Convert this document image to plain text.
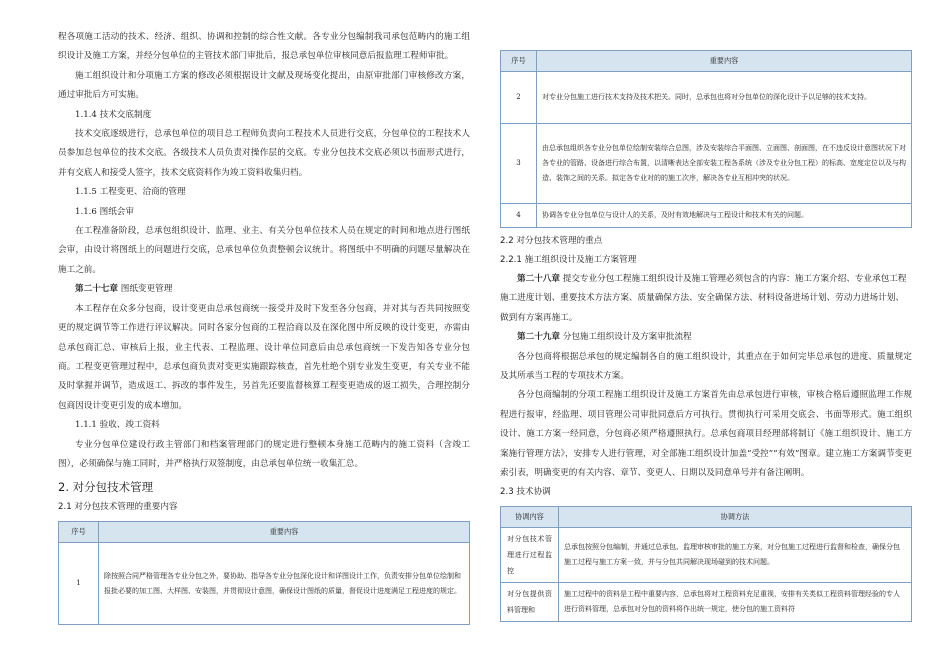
程各项施工活动的技术、经济、组织、协调和控制的综合性文献。各专业分包编制我司承包范畴内的施工组织设计及施工方案，并经分包单位的主管技术部门审批后，报总承包单位审核同意后报监理工程师审批。
施工组织设计和分项施工方案的修改必须根据设计文献及现场变化提出，由原审批部门审核修改方案，通过审批后方可实施。
1.1.4 技术交底制度
技术交底逐级进行，总承包单位的项目总工程师负责向工程技术人员进行交底，分包单位的工程技术人员参加总包单位的技术交底。各级技术人员负责对操作层的交底。专业分包技术交底必须以书面形式进行，并有交底人和接受人签字，技术交底资料作为竣工资料收集归档。
1.1.5 工程变更、洽商的管理
1.1.6 图纸会审
在工程准备阶段，总承包组织设计、监理、业主、有关分包单位技术人员在规定的时间和地点进行图纸会审，由设计将图纸上的问题进行交底，总承包单位负责整顿会议统计。将图纸中不明确的问题尽量解决在施工之前。
第二十七章 图纸变更管理
本工程存在众多分包商，设计变更由总承包商统一接受并及时下发至各分包商，并对其与否共同按照变更的规定调节等工作进行评议解决。同时各家分包商的工程洽商以及在深化图中所反映的设计变更，亦需由总承包商汇总、审核后上报，业主代表、工程监理、设计单位同意后由总承包商统一下发告知各专业分包商。工程变更管理过程中，总承包商负责对变更实施跟踪核查，首先杜绝个别专业发生变更，有关专业不能及时掌握并调节，造成返工、拆改的事件发生，另首先还要监督核算工程变更造成的返工损失，合理控制分包商因设计变更引发的成本增加。
1.1.1 验收、竣工资料
专业分包单位建设行政主管部门和档案管理部门的规定进行整顿本身施工范畴内的施工资料（含竣工图），必须确保与施工同时，并严格执行双签制度，由总承包单位统一收集汇总。
2. 对分包技术管理
2.1 对分包技术管理的重要内容
序号	重要内容
1	除按照合同严格管理各专业分包之外，要协助、指导各专业分包深化设计和详图设计工作，负责安排分包单位绘制和报批必要的加工图、大样图、安装图，并贯彻设计意图，确保设计图纸的质量，督促设计进度满足工程进度的规定。
序号	重要内容
2	对专业分包施工进行技术支持及技术把关。同时，总承包也将对分包单位的深化设计予以足够的技术支持。
3	由总承包组织各专业分包单位绘制安装综合总图，涉及安装综合平面图、立面图、剖面图，在不违反设计意图状况下对各专业的管路、设备进行综合布置，以清晰表达全部安装工程各系统（涉及专业分包工程）的标高、宽度定位以及与构造、装饰之间的关系。拟定各专业对的的施工次序，解决各专业互相冲突的状况。
4	协调各专业分包单位与设计人的关系，及时有效地解决与工程设计和技术有关的问题。
2.2 对分包技术管理的重点
2.2.1 施工组织设计及施工方案管理
第二十八章 提交专业分包工程施工组织设计及施工管理必须包含的内容：施工方案介绍、专业承包工程施工进度计划、重要技术方法方案、质量确保方法、安全确保方法、材料设备进场计划、劳动力进场计划、做到有方案再施工。
第二十九章 分包施工组织设计及方案审批流程
各分包商将根据总承包的规定编制各自的施工组织设计，其重点在于如何完毕总承包的进度、质量规定及其所承当工程的专项技术方案。
各分包商编制的分项工程施工组织设计及施工方案首先由总承包进行审核，审核合格后遵照监理工作规程进行报审，经监理、项目管理公司审批同意后方可执行。贯彻执行可采用交底会、书面等形式。施工组织设计、施工方案一经同意，分包商必须严格遵照执行。总承包商项目经理部将制订《施工组织设计、施工方案施行管理方法》，安排专人进行管理，对全部施工组织设计加盖“受控”“有效”图章。建立施工方案调节变更索引表，明确变更的有关内容、章节、变更人、日期以及同意单号并有备注阐明。
2.3 技术协调
协调内容	协调方法
对分包技术管理进行过程监控	总承包按照分包编制，并通过总承包、监理审核审批的施工方案，对分包施工过程进行监督和检查，确保分包施工过程与施工方案一致，并与分包共同解决现场碰到的技术问题。
对分包提供资料管理和	施工过程中的资料是工程中重要内容，总承包将对工程资料充足重视，安排有关类似工程资料管理经验的专人进行资料管理，总承包对分包的资料将作出统一规定，使分包的施工资料符
